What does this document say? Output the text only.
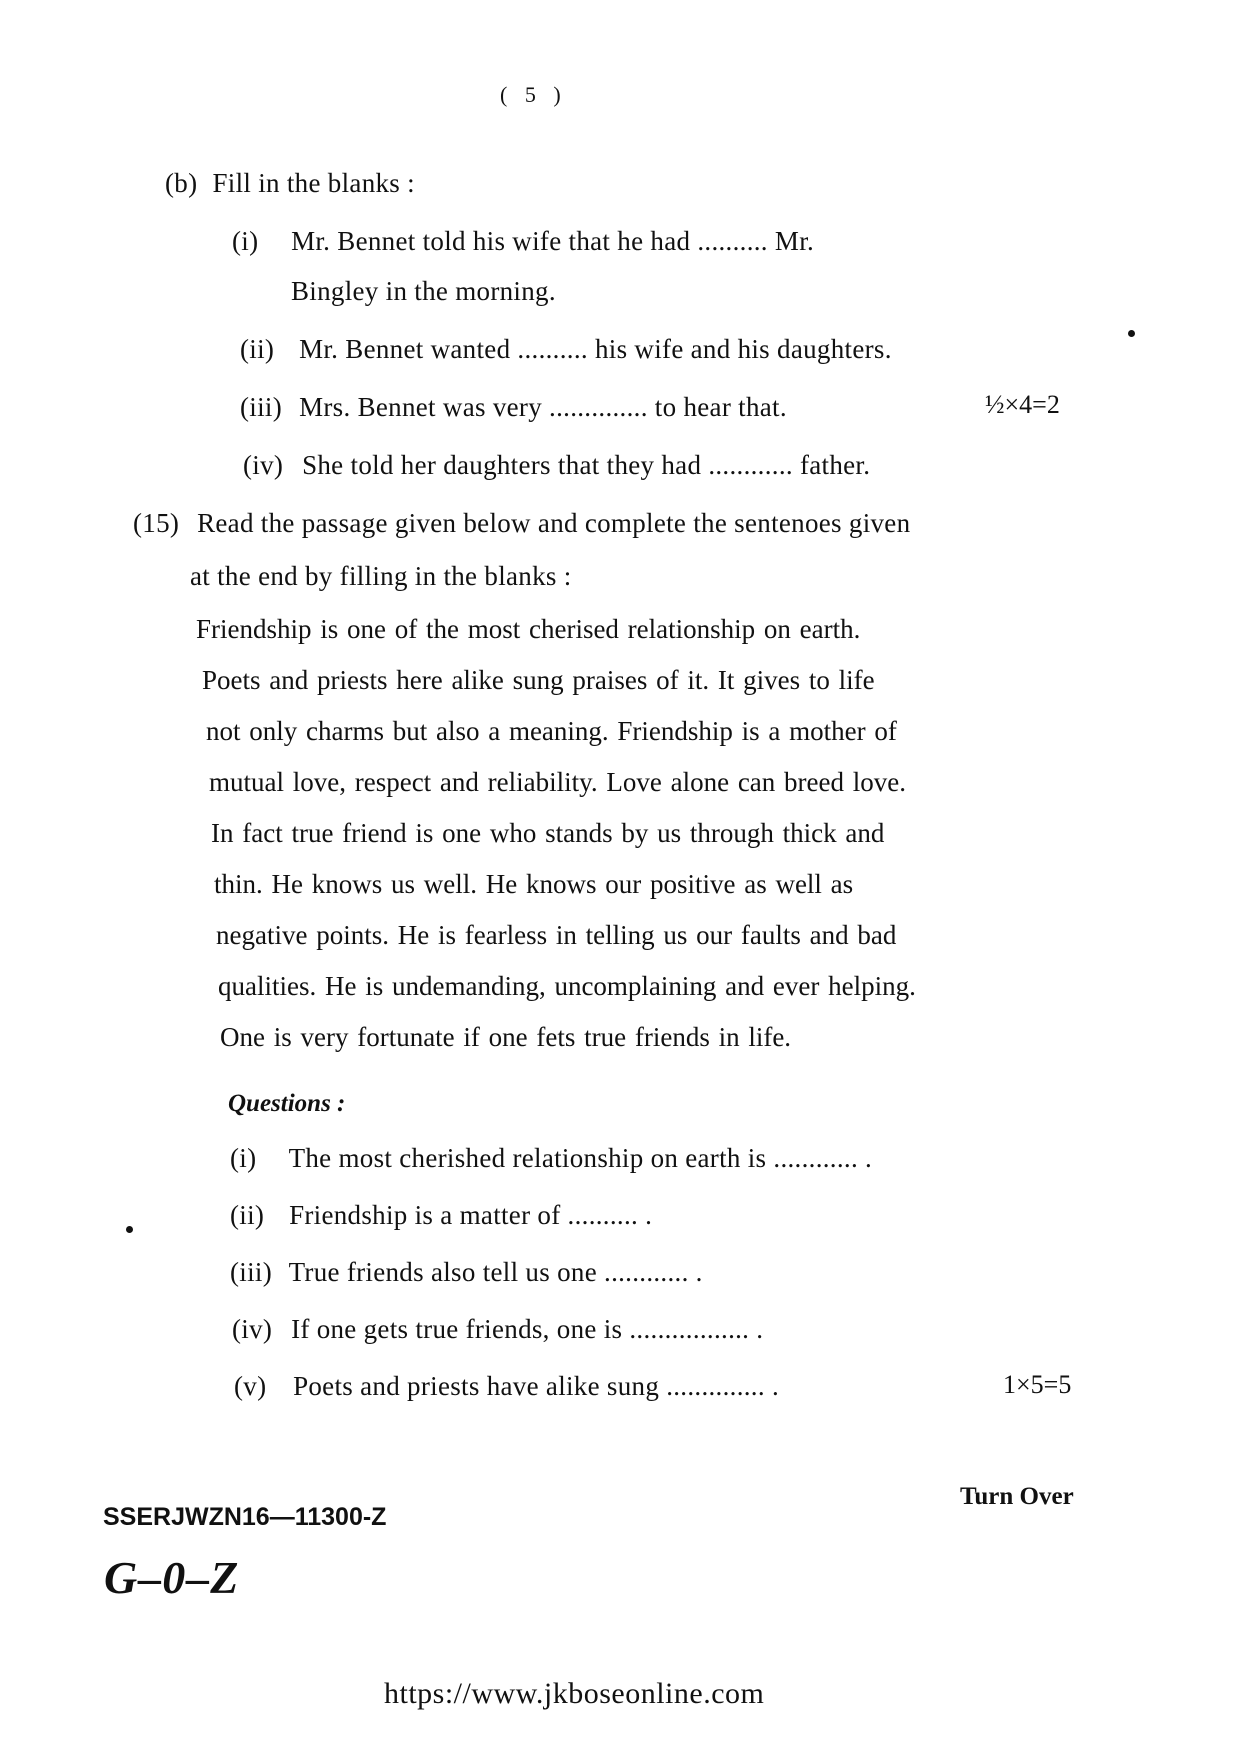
( 5 )
(b) Fill in the blanks :
(i) Mr. Bennet told his wife that he had .......... Mr.
Bingley in the morning.
(ii) Mr. Bennet wanted .......... his wife and his daughters.
(iii) Mrs. Bennet was very .............. to hear that.	½×4=2
(iv) She told her daughters that they had ............ father.
(15) Read the passage given below and complete the sentenoes given
at the end by filling in the blanks :
Friendship is one of the most cherised relationship on earth.
Poets and priests here alike sung praises of it. It gives to life
not only charms but also a meaning. Friendship is a mother of
mutual love, respect and reliability. Love alone can breed love.
In fact true friend is one who stands by us through thick and
thin. He knows us well. He knows our positive as well as
negative points. He is fearless in telling us our faults and bad
qualities. He is undemanding, uncomplaining and ever helping.
One is very fortunate if one fets true friends in life.
Questions :
(i) The most cherished relationship on earth is ............ .
(ii) Friendship is a matter of .......... .
(iii) True friends also tell us one ............ .
(iv) If one gets true friends, one is ................. .
(v) Poets and priests have alike sung .............. .	1×5=5
Turn Over
SSERJWZN16—11300-Z
G–0–Z
https://www.jkboseonline.com
